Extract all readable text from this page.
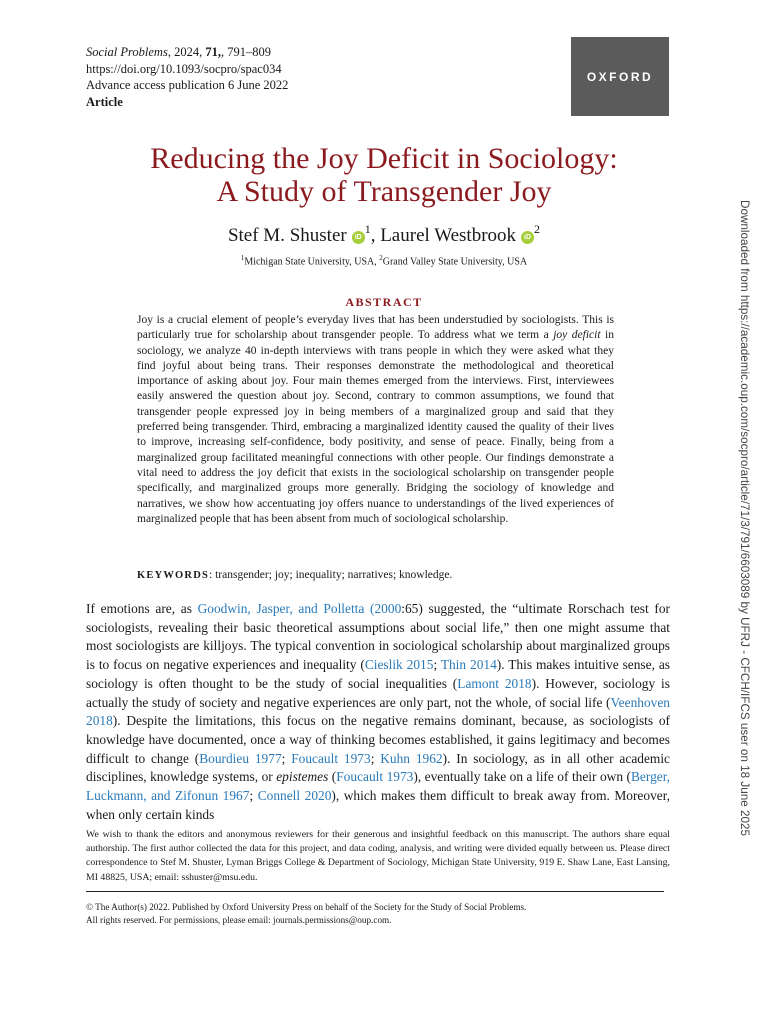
Social Problems, 2024, 71,, 791–809
https://doi.org/10.1093/socpro/spac034
Advance access publication 6 June 2022
Article
OXFORD
Reducing the Joy Deficit in Sociology:
A Study of Transgender Joy
Stef M. Shuster $iD^1$, Laurel Westbrook $iD^2$
$^1$Michigan State University, USA, $^2$Grand Valley State University, USA
ABSTRACT

Joy is a crucial element of people’s everyday lives that has been understudied by sociologists. This is particularly true for scholarship about transgender people. To address what we term a joy deficit in sociology, we analyze 40 in-depth interviews with trans people in which they were asked what they find joyful about being trans. Their responses demonstrate the methodological and theoretical importance of asking about joy. Four main themes emerged from the interviews. First, interviewees easily answered the question about joy. Second, contrary to common assumptions, we found that transgender people expressed joy in being members of a marginalized group and said that they preferred being transgender. Third, embracing a marginalized identity caused the quality of their lives to improve, increasing self-confidence, body positivity, and sense of peace. Finally, being from a marginalized group facilitated meaningful connections with other people. Our findings demonstrate a vital need to address the joy deficit that exists in the sociological scholarship on transgender people specifically, and marginalized groups more generally. Bridging the sociology of knowledge and narratives, we show how accentuating joy offers nuance to understandings of the lived experiences of marginalized people that has been absent from much of sociological scholarship.

KEYWORDS: transgender; joy; inequality; narratives; knowledge.

If emotions are, as Goodwin, Jasper, and Polletta (2000:65) suggested, the “ultimate Rorschach test for sociologists, revealing their basic theoretical assumptions about social life,” then one might assume that most sociologists are killjoys. The typical convention in sociological scholarship about marginalized groups is to focus on negative experiences and inequality (Cieslik 2015; Thin 2014). This makes intuitive sense, as sociology is often thought to be the study of social inequalities (Lamont 2018). However, sociology is actually the study of society and negative experiences are only part, not the whole, of social life (Veenhoven 2018). Despite the limitations, this focus on the negative remains dominant, because, as sociologists of knowledge have documented, once a way of thinking becomes established, it gains legitimacy and becomes difficult to change (Bourdieu 1977; Foucault 1973; Kuhn 1962). In sociology, as in all other academic disciplines, knowledge systems, or epistemes (Foucault 1973), eventually take on a life of their own (Berger, Luckmann, and Zifonun 1967; Connell 2020), which makes them difficult to break away from. Moreover, when only certain kinds

We wish to thank the editors and anonymous reviewers for their generous and insightful feedback on this manuscript. The authors share equal authorship. The first author collected the data for this project, and data coding, analysis, and writing were divided equally between us. Please direct correspondence to Stef M. Shuster, Lyman Briggs College & Department of Sociology, Michigan State University, 919 E. Shaw Lane, East Lansing, MI 48825, USA; email: sshuster@msu.edu.

© The Author(s) 2022. Published by Oxford University Press on behalf of the Society for the Study of Social Problems.
All rights reserved. For permissions, please email: journals.permissions@oup.com.
Downloaded from https://academic.oup.com/socpro/article/71/3/791/6603089 by UFRJ - CFCH/IFCS user on 18 June 2025
